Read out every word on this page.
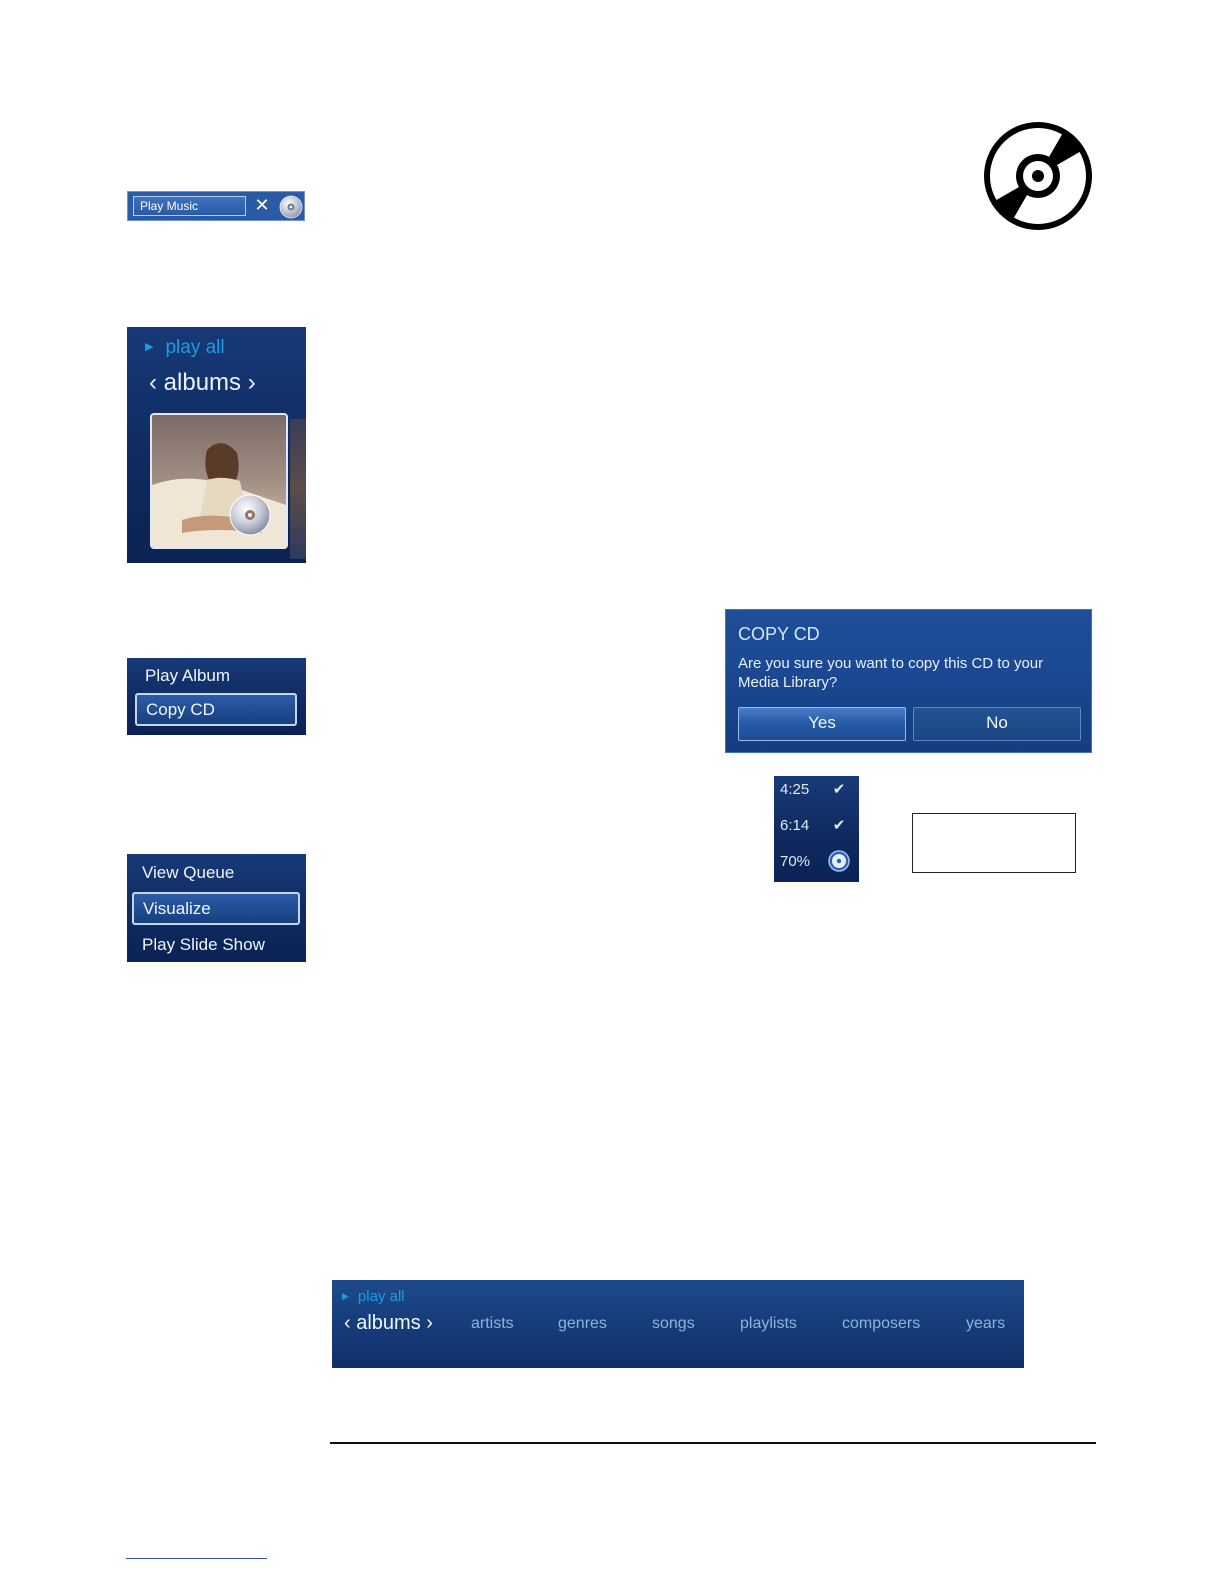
Play Music	✕
▶ play all
‹ albums ›
Play Album
Copy CD
View Queue
Visualize
Play Slide Show
COPY CD
Are you sure you want to copy this CD to your Media Library?
Yes	No
4:25 ✔
6:14 ✔
70%
▶ play all
‹ albums › artists	genres	songs	playlists	composers	years
